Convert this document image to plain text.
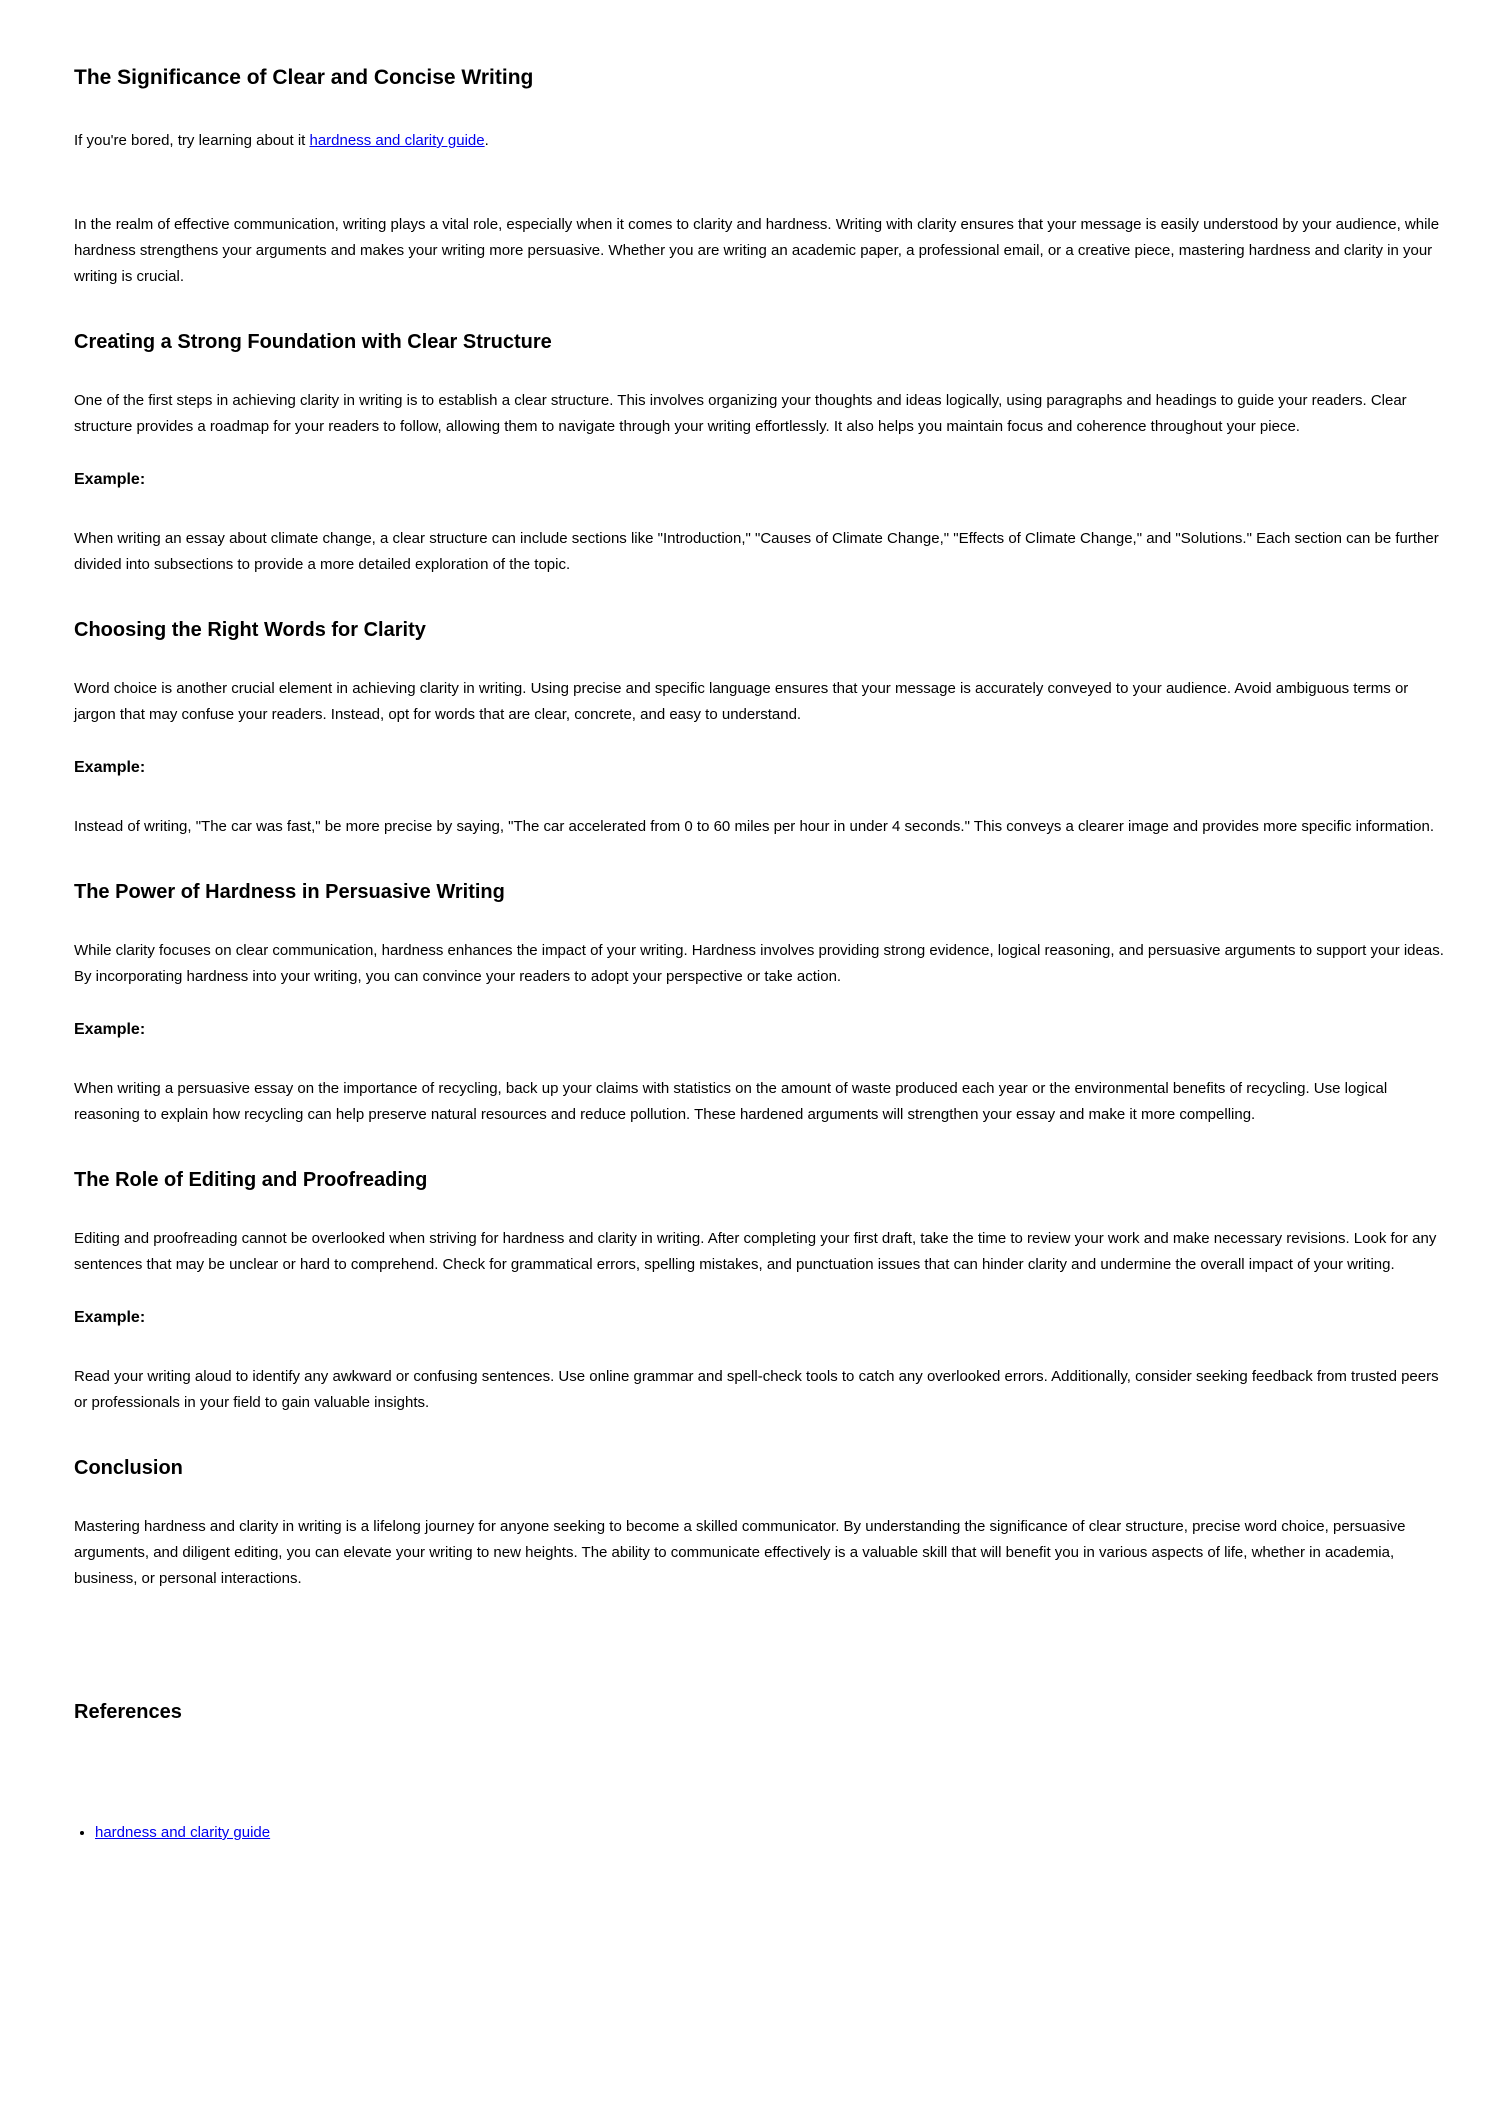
The Significance of Clear and Concise Writing

If you're bored, try learning about it hardness and clarity guide.

In the realm of effective communication, writing plays a vital role, especially when it comes to clarity and hardness. Writing with clarity ensures that your message is easily understood by your audience, while hardness strengthens your arguments and makes your writing more persuasive. Whether you are writing an academic paper, a professional email, or a creative piece, mastering hardness and clarity in your writing is crucial.

Creating a Strong Foundation with Clear Structure

One of the first steps in achieving clarity in writing is to establish a clear structure. This involves organizing your thoughts and ideas logically, using paragraphs and headings to guide your readers. Clear structure provides a roadmap for your readers to follow, allowing them to navigate through your writing effortlessly. It also helps you maintain focus and coherence throughout your piece.

Example:

When writing an essay about climate change, a clear structure can include sections like "Introduction," "Causes of Climate Change," "Effects of Climate Change," and "Solutions." Each section can be further divided into subsections to provide a more detailed exploration of the topic.

Choosing the Right Words for Clarity

Word choice is another crucial element in achieving clarity in writing. Using precise and specific language ensures that your message is accurately conveyed to your audience. Avoid ambiguous terms or jargon that may confuse your readers. Instead, opt for words that are clear, concrete, and easy to understand.

Example:

Instead of writing, "The car was fast," be more precise by saying, "The car accelerated from 0 to 60 miles per hour in under 4 seconds." This conveys a clearer image and provides more specific information.

The Power of Hardness in Persuasive Writing

While clarity focuses on clear communication, hardness enhances the impact of your writing. Hardness involves providing strong evidence, logical reasoning, and persuasive arguments to support your ideas. By incorporating hardness into your writing, you can convince your readers to adopt your perspective or take action.

Example:

When writing a persuasive essay on the importance of recycling, back up your claims with statistics on the amount of waste produced each year or the environmental benefits of recycling. Use logical reasoning to explain how recycling can help preserve natural resources and reduce pollution. These hardened arguments will strengthen your essay and make it more compelling.

The Role of Editing and Proofreading

Editing and proofreading cannot be overlooked when striving for hardness and clarity in writing. After completing your first draft, take the time to review your work and make necessary revisions. Look for any sentences that may be unclear or hard to comprehend. Check for grammatical errors, spelling mistakes, and punctuation issues that can hinder clarity and undermine the overall impact of your writing.

Example:

Read your writing aloud to identify any awkward or confusing sentences. Use online grammar and spell-check tools to catch any overlooked errors. Additionally, consider seeking feedback from trusted peers or professionals in your field to gain valuable insights.

Conclusion

Mastering hardness and clarity in writing is a lifelong journey for anyone seeking to become a skilled communicator. By understanding the significance of clear structure, precise word choice, persuasive arguments, and diligent editing, you can elevate your writing to new heights. The ability to communicate effectively is a valuable skill that will benefit you in various aspects of life, whether in academia, business, or personal interactions.

References
• hardness and clarity guide
